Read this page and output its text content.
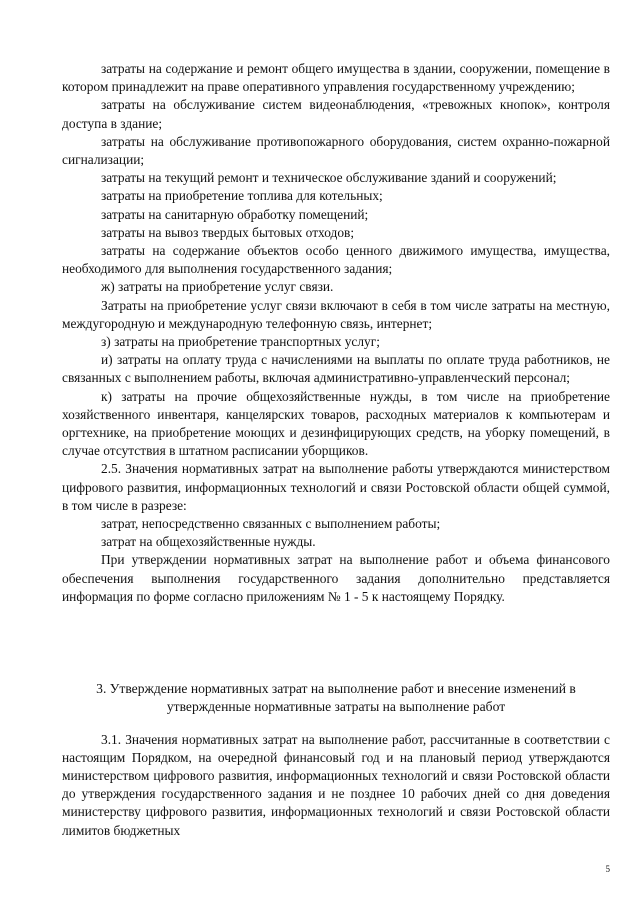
затраты на содержание и ремонт общего имущества в здании, сооружении, помещение в котором принадлежит на праве оперативного управления государственному учреждению;

затраты на обслуживание систем видеонаблюдения, «тревожных кнопок», контроля доступа в здание;

затраты на обслуживание противопожарного оборудования, систем охранно-пожарной сигнализации;

затраты на текущий ремонт и техническое обслуживание зданий и сооружений;

затраты на приобретение топлива для котельных;

затраты на санитарную обработку помещений;

затраты на вывоз твердых бытовых отходов;

затраты на содержание объектов особо ценного движимого имущества, имущества, необходимого для выполнения государственного задания;

ж) затраты на приобретение услуг связи.

Затраты на приобретение услуг связи включают в себя в том числе затраты на местную, междугородную и международную телефонную связь, интернет;

з) затраты на приобретение транспортных услуг;

и) затраты на оплату труда с начислениями на выплаты по оплате труда работников, не связанных с выполнением работы, включая административно-управленческий персонал;

к) затраты на прочие общехозяйственные нужды, в том числе на приобретение хозяйственного инвентаря, канцелярских товаров, расходных материалов к компьютерам и оргтехнике, на приобретение моющих и дезинфицирующих средств, на уборку помещений, в случае отсутствия в штатном расписании уборщиков.

2.5. Значения нормативных затрат на выполнение работы утверждаются министерством цифрового развития, информационных технологий и связи Ростовской области общей суммой, в том числе в разрезе:

затрат, непосредственно связанных с выполнением работы;

затрат на общехозяйственные нужды.

При утверждении нормативных затрат на выполнение работ и объема финансового обеспечения выполнения государственного задания дополнительно представляется информация по форме согласно приложениям № 1 - 5 к настоящему Порядку.

3. Утверждение нормативных затрат на выполнение работ и внесение изменений в утвержденные нормативные затраты на выполнение работ

3.1. Значения нормативных затрат на выполнение работ, рассчитанные в соответствии с настоящим Порядком, на очередной финансовый год и на плановый период утверждаются министерством цифрового развития, информационных технологий и связи Ростовской области до утверждения государственного задания и не позднее 10 рабочих дней со дня доведения министерству цифрового развития, информационных технологий и связи Ростовской области лимитов бюджетных

5
